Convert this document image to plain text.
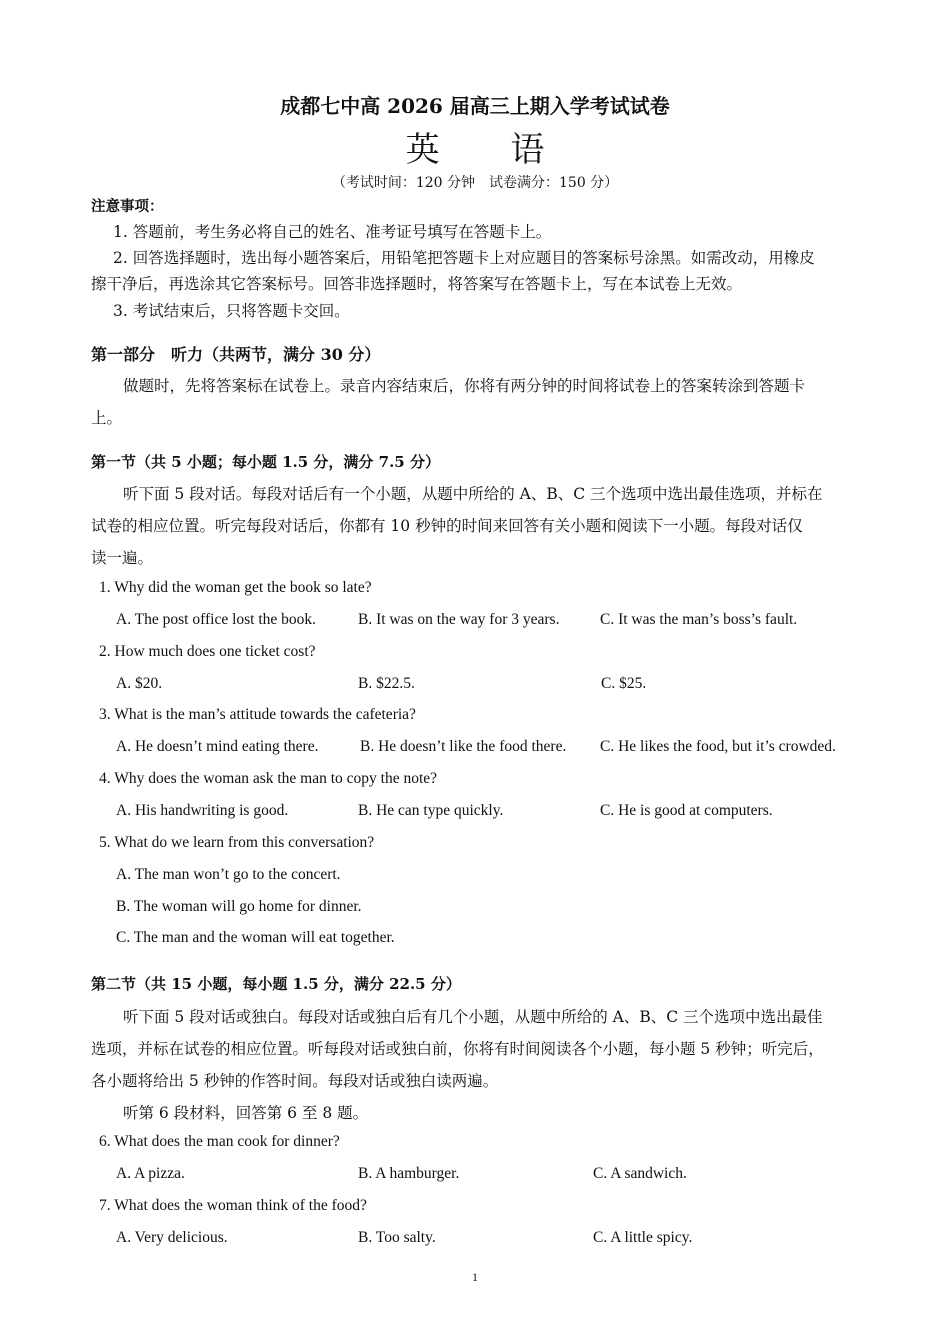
成都七中高 2026 届高三上期入学考试试卷
英 语
（考试时间：120 分钟　试卷满分：150 分）
注意事项：
1. 答题前，考生务必将自己的姓名、准考证号填写在答题卡上。
2. 回答选择题时，选出每小题答案后，用铅笔把答题卡上对应题目的答案标号涂黑。如需改动，用橡皮
擦干净后，再选涂其它答案标号。回答非选择题时，将答案写在答题卡上，写在本试卷上无效。
3. 考试结束后，只将答题卡交回。
第一部分　听力（共两节，满分 30 分）
做题时，先将答案标在试卷上。录音内容结束后，你将有两分钟的时间将试卷上的答案转涂到答题卡
上。
第一节（共 5 小题；每小题 1.5 分，满分 7.5 分）
听下面 5 段对话。每段对话后有一个小题，从题中所给的 A、B、C 三个选项中选出最佳选项，并标在
试卷的相应位置。听完每段对话后，你都有 10 秒钟的时间来回答有关小题和阅读下一小题。每段对话仅
读一遍。
1. Why did the woman get the book so late?
A. The post office lost the book.	B. It was on the way for 3 years.	C. It was the man’s boss’s fault.
2. How much does one ticket cost?
A. $20.	B. $22.5.	C. $25.
3. What is the man’s attitude towards the cafeteria?
A. He doesn’t mind eating there.	B. He doesn’t like the food there. C. He likes the food, but it’s crowded.
4. Why does the woman ask the man to copy the note?
A. His handwriting is good.	B. He can type quickly.	C. He is good at computers.
5. What do we learn from this conversation?
A. The man won’t go to the concert.
B. The woman will go home for dinner.
C. The man and the woman will eat together.
第二节（共 15 小题，每小题 1.5 分，满分 22.5 分）
听下面 5 段对话或独白。每段对话或独白后有几个小题，从题中所给的 A、B、C 三个选项中选出最佳
选项，并标在试卷的相应位置。听每段对话或独白前，你将有时间阅读各个小题，每小题 5 秒钟；听完后，
各小题将给出 5 秒钟的作答时间。每段对话或独白读两遍。
听第 6 段材料，回答第 6 至 8 题。
6. What does the man cook for dinner?
A. A pizza.	B. A hamburger.	C. A sandwich.
7. What does the woman think of the food?
A. Very delicious.	B. Too salty.	C. A little spicy.
1
